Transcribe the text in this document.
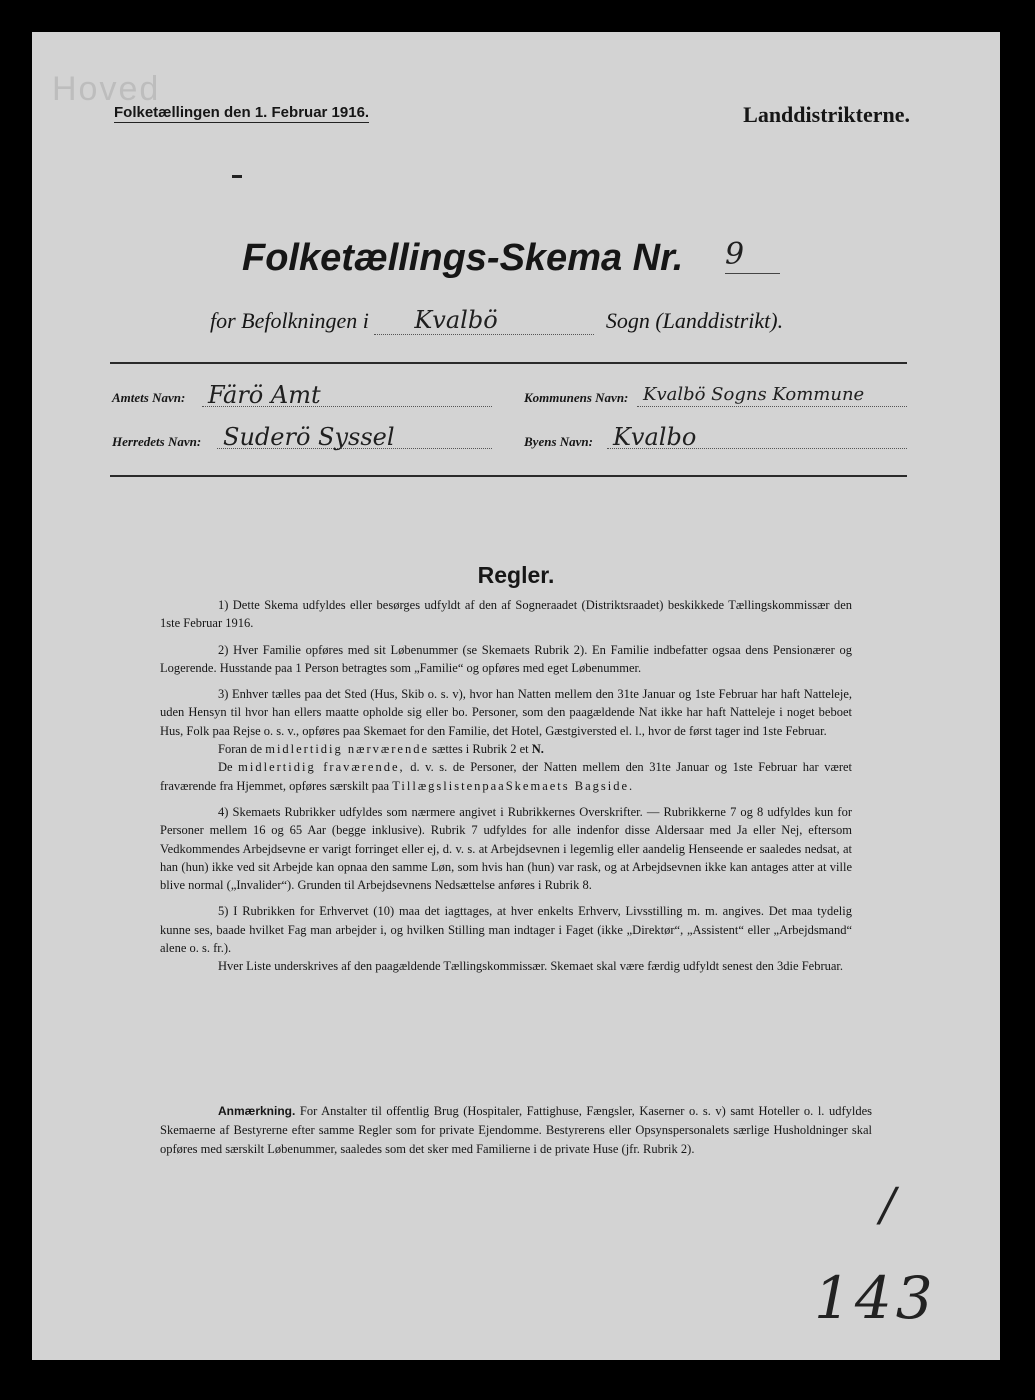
Hoved
Folketællingen den 1. Februar 1916.	Landdistrikterne.
Folketællings-Skema Nr. 9
for Befolkningen i Kvalbö	Sogn (Landdistrikt).
Amtets Navn: Färö Amt	Kommunens Navn: Kvalbö Sogns Kommune
Herredets Navn: Suderö Syssel	Byens Navn: Kvalbo
Regler.

1) Dette Skema udfyldes eller besørges udfyldt af den af Sogneraadet (Distriktsraadet) beskikkede Tællingskommissær den 1ste Februar 1916.

2) Hver Familie opføres med sit Løbenummer (se Skemaets Rubrik 2). En Familie indbefatter ogsaa dens Pensionærer og Logerende. Husstande paa 1 Person betragtes som „Familie“ og opføres med eget Løbenummer.

3) Enhver tælles paa det Sted (Hus, Skib o. s. v), hvor han Natten mellem den 31te Januar og 1ste Februar har haft Natteleje, uden Hensyn til hvor han ellers maatte opholde sig eller bo. Personer, som den paagældende Nat ikke har haft Natteleje i noget beboet Hus, Folk paa Rejse o. s. v., opføres paa Skemaet for den Familie, det Hotel, Gæstgiversted el. l., hvor de først tager ind 1ste Februar.

Foran de midlertidig nærværende sættes i Rubrik 2 et N.

De midlertidig fraværende, d. v. s. de Personer, der Natten mellem den 31te Januar og 1ste Februar har været fraværende fra Hjemmet, opføres særskilt paa TillægslistenpaaSkemaets Bagside.

4) Skemaets Rubrikker udfyldes som nærmere angivet i Rubrikkernes Overskrifter. — Rubrikkerne 7 og 8 udfyldes kun for Personer mellem 16 og 65 Aar (begge inklusive). Rubrik 7 udfyldes for alle indenfor disse Aldersaar med Ja eller Nej, eftersom Vedkommendes Arbejdsevne er varigt forringet eller ej, d. v. s. at Arbejdsevnen i legemlig eller aandelig Henseende er saaledes nedsat, at han (hun) ikke ved sit Arbejde kan opnaa den samme Løn, som hvis han (hun) var rask, og at Arbejdsevnen ikke kan antages atter at ville blive normal („Invalider“). Grunden til Arbejdsevnens Nedsættelse anføres i Rubrik 8.

5) I Rubrikken for Erhvervet (10) maa det iagttages, at hver enkelts Erhverv, Livsstilling m. m. angives. Det maa tydelig kunne ses, baade hvilket Fag man arbejder i, og hvilken Stilling man indtager i Faget (ikke „Direktør“, „Assistent“ eller „Arbejdsmand“ alene o. s. fr.).

Hver Liste underskrives af den paagældende Tællingskommissær. Skemaet skal være færdig udfyldt senest den 3die Februar.

Anmærkning. For Anstalter til offentlig Brug (Hospitaler, Fattighuse, Fængsler, Kaserner o. s. v) samt Hoteller o. l. udfyldes Skemaerne af Bestyrerne efter samme Regler som for private Ejendomme. Bestyrerens eller Opsynspersonalets særlige Husholdninger skal opføres med særskilt Løbenummer, saaledes som det sker med Familierne i de private Huse (jfr. Rubrik 2).
/
143
